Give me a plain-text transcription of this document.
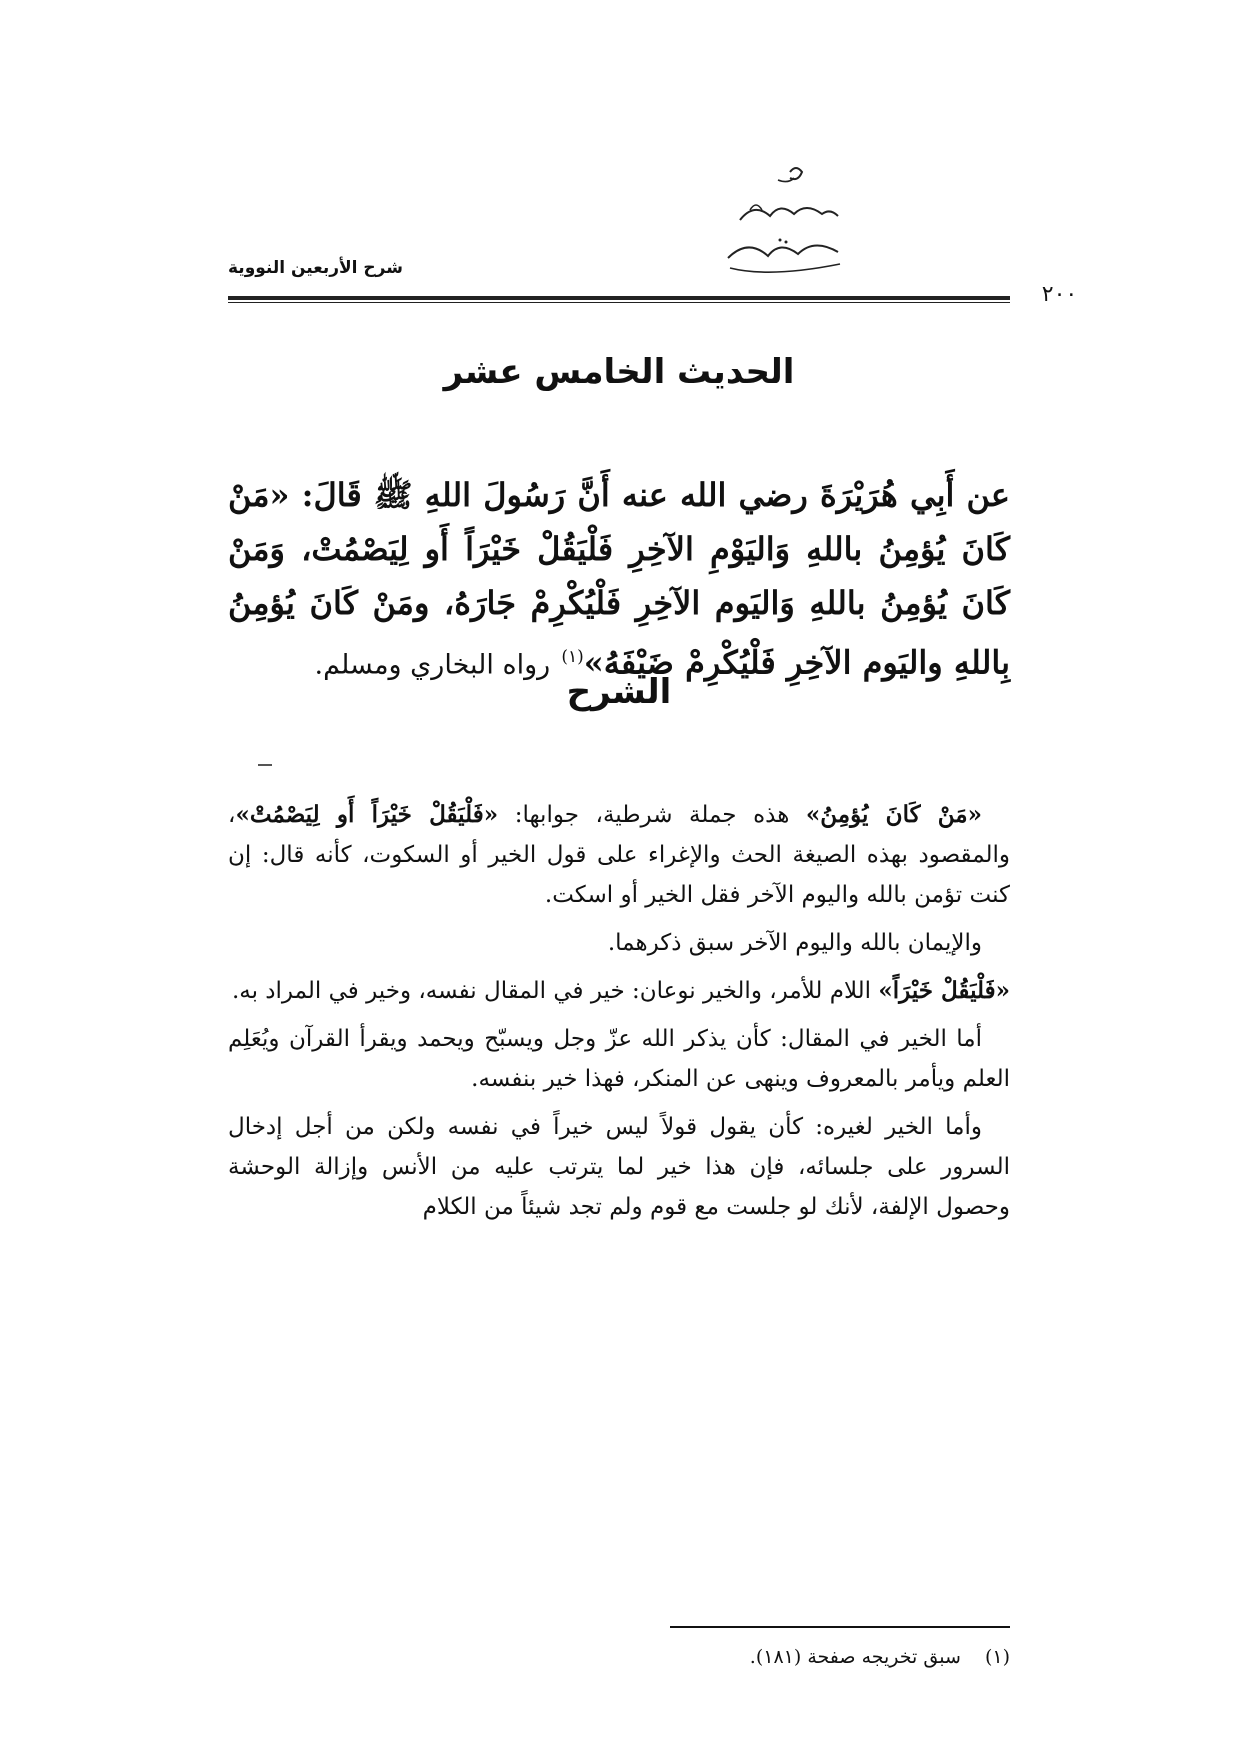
شرح الأربعين النووية
٢٠٠
الحديث الخامس عشر
عن أَبِي هُرَيْرَةَ رضي الله عنه أَنَّ رَسُولَ اللهِ ﷺ قَالَ: «مَنْ كَانَ يُؤمِنُ باللهِ وَاليَوْمِ الآخِرِ فَلْيَقُلْ خَيْرَاً أَو لِيَصْمُتْ، وَمَنْ كَانَ يُؤمِنُ باللهِ وَاليَوم الآخِرِ فَلْيُكْرِمْ جَارَهُ، ومَنْ كَانَ يُؤمِنُ بِاللهِ واليَوم الآخِرِ فَلْيُكْرِمْ ضَيْفَهُ»$^{(١)}$ رواه البخاري ومسلم.
الشرح

«مَنْ كَانَ يُؤمِنُ» هذه جملة شرطية، جوابها: «فَلْيَقُلْ خَيْرَاً أَو لِيَصْمُتْ»، والمقصود بهذه الصيغة الحث والإغراء على قول الخير أو السكوت، كأنه قال: إن كنت تؤمن بالله واليوم الآخر فقل الخير أو اسكت.

والإيمان بالله واليوم الآخر سبق ذكرهما.

«فَلْيَقُلْ خَيْرَاً» اللام للأمر، والخير نوعان: خير في المقال نفسه، وخير في المراد به.

أما الخير في المقال: كأن يذكر الله عزّ وجل ويسبّح ويحمد ويقرأ القرآن ويُعَلِم العلم ويأمر بالمعروف وينهى عن المنكر، فهذا خير بنفسه.

وأما الخير لغيره: كأن يقول قولاً ليس خيراً في نفسه ولكن من أجل إدخال السرور على جلسائه، فإن هذا خير لما يترتب عليه من الأنس وإزالة الوحشة وحصول الإلفة، لأنك لو جلست مع قوم ولم تجد شيئاً من الكلام

(١) سبق تخريجه صفحة (١٨١).
